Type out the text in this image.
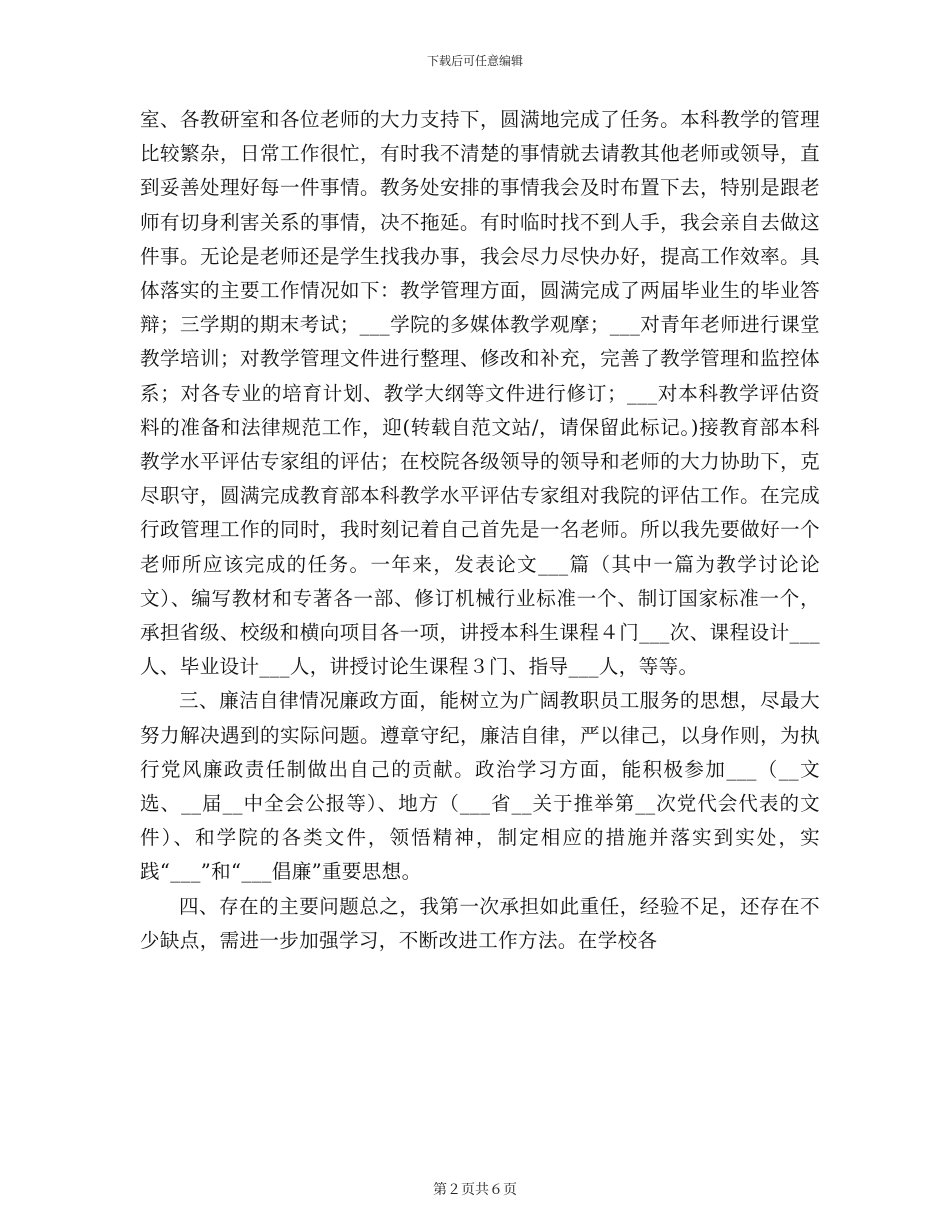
下载后可任意编辑

室、各教研室和各位老师的大力支持下，圆满地完成了任务。本科教学的管理比较繁杂，日常工作很忙，有时我不清楚的事情就去请教其他老师或领导，直到妥善处理好每一件事情。教务处安排的事情我会及时布置下去，特别是跟老师有切身利害关系的事情，决不拖延。有时临时找不到人手，我会亲自去做这件事。无论是老师还是学生找我办事，我会尽力尽快办好，提高工作效率。具体落实的主要工作情况如下：教学管理方面，圆满完成了两届毕业生的毕业答辩；三学期的期末考试；___学院的多媒体教学观摩；___对青年老师进行课堂教学培训；对教学管理文件进行整理、修改和补充，完善了教学管理和监控体系；对各专业的培育计划、教学大纲等文件进行修订；___对本科教学评估资料的准备和法律规范工作，迎(转载自范文站/，请保留此标记。)接教育部本科教学水平评估专家组的评估；在校院各级领导的领导和老师的大力协助下，克尽职守，圆满完成教育部本科教学水平评估专家组对我院的评估工作。在完成行政管理工作的同时，我时刻记着自己首先是一名老师。所以我先要做好一个老师所应该完成的任务。一年来，发表论文___篇（其中一篇为教学讨论论文）、编写教材和专著各一部、修订机械行业标准一个、制订国家标准一个，承担省级、校级和横向项目各一项，讲授本科生课程４门___次、课程设计___人、毕业设计___人，讲授讨论生课程３门、指导___人，等等。

三、廉洁自律情况廉政方面，能树立为广阔教职员工服务的思想，尽最大努力解决遇到的实际问题。遵章守纪，廉洁自律，严以律己，以身作则，为执行党风廉政责任制做出自己的贡献。政治学习方面，能积极参加___（__文选、__届__中全会公报等）、地方（___省__关于推举第__次党代会代表的文件）、和学院的各类文件，领悟精神，制定相应的措施并落实到实处，实践“___”和“___倡廉”重要思想。

四、存在的主要问题总之，我第一次承担如此重任，经验不足，还存在不少缺点，需进一步加强学习，不断改进工作方法。在学校各

第２页共６页
